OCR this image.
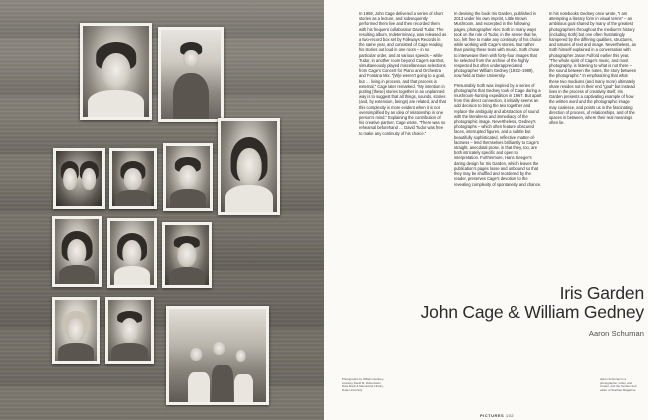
In 1959, John Cage delivered a series of short stories as a lecture, and subsequently performed them live and then recorded them with his frequent collaborator David Tudor. The resulting album, Indeterminacy, was released as a two-record box set by Folkways Records in the same year, and consisted of Cage reading his stories out loud in one room – in no particular order, and at various speeds – while Tudor, in another room beyond Cage's earshot, simultaneously played miscellaneous selections from Cage's Concert for Piano and Orchestra and Fontana Mix. "[W]e weren't going to a goal, but … living in process, and that process is external," Cage later remarked. "My intention in putting [these] stories together in an unplanned way is to suggest that all things, sounds, stories (and, by extension, beings) are related, and that this complexity is more evident when it is not oversimplified by an idea of relationship in one person's mind." Explaining the contribution of his creative partner, Cage wrote, "There was no rehearsal beforehand … David Tudor was free to make any continuity of his choice."

In devising the book Iris Garden, published in 2013 under his own imprint, Little Brown Mushroom, and excerpted in the following pages, photographer Alec Soth in many ways took on the role of Tudor, in the sense that he, too, felt free to make any continuity of his choice while working with Cage's stories. But rather than pairing these texts with music, Soth chose to interweave them with forty-four images that he selected from the archive of the highly respected but often underappreciated photographer William Gedney (1932–1989), now held at Duke University.

Presumably Soth was inspired by a series of photographs that Gedney took of Cage during a mushroom-hunting expedition in 1967. But apart from this direct connection, it initially seems an odd decision to bring the two together and replace the ambiguity and abstraction of sound with the literalness and immediacy of the photographic image. Nevertheless, Gedney's photographs – which often feature obscured faces, interrupted figures, and a subtle but beautifully sophisticated, reflective matter-of-factness – lend themselves brilliantly to Cage's straight, anecdotal prose, in that they, too, are both intricately specific and open to interpretation. Furthermore, Hans Seeger's daring design for Iris Garden, which leaves the publication's pages loose and unbound so that they may be shuffled and reordered by the reader, preserves Cage's devotion to the revealing complexity of spontaneity and chance.

In his notebooks Gedney once wrote, "I am attempting a literary form in visual terms" – an ambitious goal shared by many of the greatest photographers throughout the medium's history (including Soth) but one often frustratingly hampered by the differing qualities, structures, and natures of text and image. Nevertheless, as Soth himself explained in a conversation with photographer Jason Fulford earlier this year, "The whole spirit of Cage's music, and most photography, is listening to what is not there – the sound between the notes, the story between the photographs." In emphasizing that what these two mediums (and many more) ultimately share resides not in their end "goal" but instead lives in the process of creativity itself, Iris Garden presents a captivating example of how the written word and the photographic image may coalesce, and points us in the fascinating direction of process, of relationships, and of the spaces in between, where their real meanings often lie.

Iris Garden
John Cage & William Gedney
Aaron Schuman
Photographs by William Gedney, courtesy David M. Rubenstein Rare Book & Manuscript Library, Duke University.
Aaron Schuman is a photographer, writer, and curator, and the founder and editor of SeeSaw Magazine.
PICTURES 102
